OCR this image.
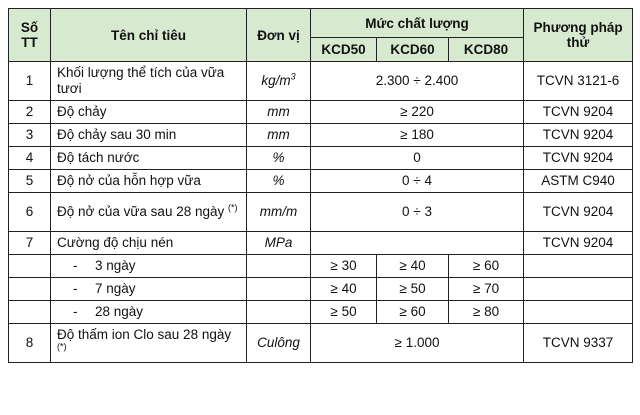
Số TT	Tên chỉ tiêu	Đơn vị	Mức chất lượng			Phương pháp thử
			KCD50	KCD60	KCD80	
1	Khối lượng thể tích của vữa tươi	$kg/m^3$	2.300 ÷ 2.400			TCVN 3121-6
2	Độ chảy	mm	≥ 220			TCVN 9204
3	Độ chảy sau 30 min	mm	≥ 180			TCVN 9204
4	Độ tách nước	%	0			TCVN 9204
5	Độ nở của hỗn hợp vữa	%	0 ÷ 4			ASTM C940
6	Độ nở của vữa sau 28 ngày (*)	mm/m	0 ÷ 3			TCVN 9204
7	Cường độ chịu nén	MPa				TCVN 9204
	- 3 ngày		≥ 30	≥ 40	≥ 60	
	- 7 ngày		≥ 40	≥ 50	≥ 70	
	- 28 ngày		≥ 50	≥ 60	≥ 80	
8	Độ thấm ion Clo sau 28 ngày (*)	Culông	≥ 1.000			TCVN 9337
